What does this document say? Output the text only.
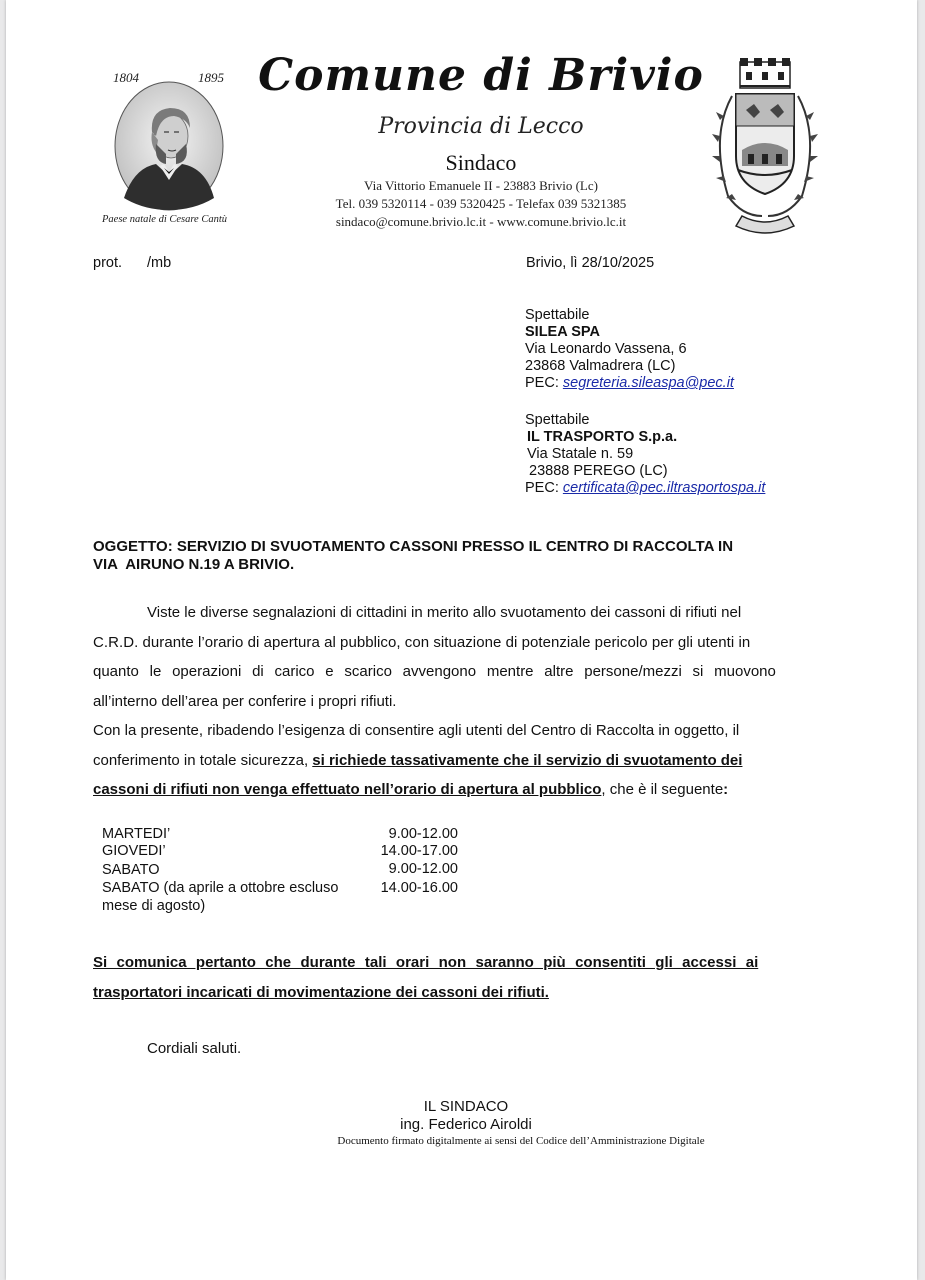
1804	1895
Paese natale di Cesare Cantù
Comune di Brivio
Provincia di Lecco
Sindaco
Via Vittorio Emanuele II - 23883 Brivio (Lc)
Tel. 039 5320114 - 039 5320425 - Telefax 039 5321385
sindaco@comune.brivio.lc.it - www.comune.brivio.lc.it
prot. /mb	Brivio, lì 28/10/2025
Spettabile
SILEA SPA
Via Leonardo Vassena, 6
23868 Valmadrera (LC)
PEC: segreteria.sileaspa@pec.it
Spettabile
IL TRASPORTO S.p.a.
Via Statale n. 59
23888 PEREGO (LC)
PEC: certificata@pec.iltrasportospa.it
OGGETTO: SERVIZIO DI SVUOTAMENTO CASSONI PRESSO IL CENTRO DI RACCOLTA IN
VIA  AIRUNO N.19 A BRIVIO.
Viste le diverse segnalazioni di cittadini in merito allo svuotamento dei cassoni di rifiuti nel
C.R.D. durante l’orario di apertura al pubblico, con situazione di potenziale pericolo per gli utenti in
quanto le operazioni di carico e scarico avvengono mentre altre persone/mezzi si muovono
all’interno dell’area per conferire i propri rifiuti.
Con la presente, ribadendo l’esigenza di consentire agli utenti del Centro di Raccolta in oggetto, il
conferimento in totale sicurezza, si richiede tassativamente che il servizio di svuotamento dei
cassoni di rifiuti non venga effettuato nell’orario di apertura al pubblico, che è il seguente:
MARTEDI’	9.00-12.00
GIOVEDI’	14.00-17.00
SABATO	9.00-12.00
SABATO (da aprile a ottobre escluso
mese di agosto)
14.00-16.00
Si comunica pertanto che durante tali orari non saranno più consentiti gli accessi ai
trasportatori incaricati di movimentazione dei cassoni dei rifiuti.
Cordiali saluti.
IL SINDACO
ing. Federico Airoldi
Documento firmato digitalmente ai sensi del Codice dell’Amministrazione Digitale
